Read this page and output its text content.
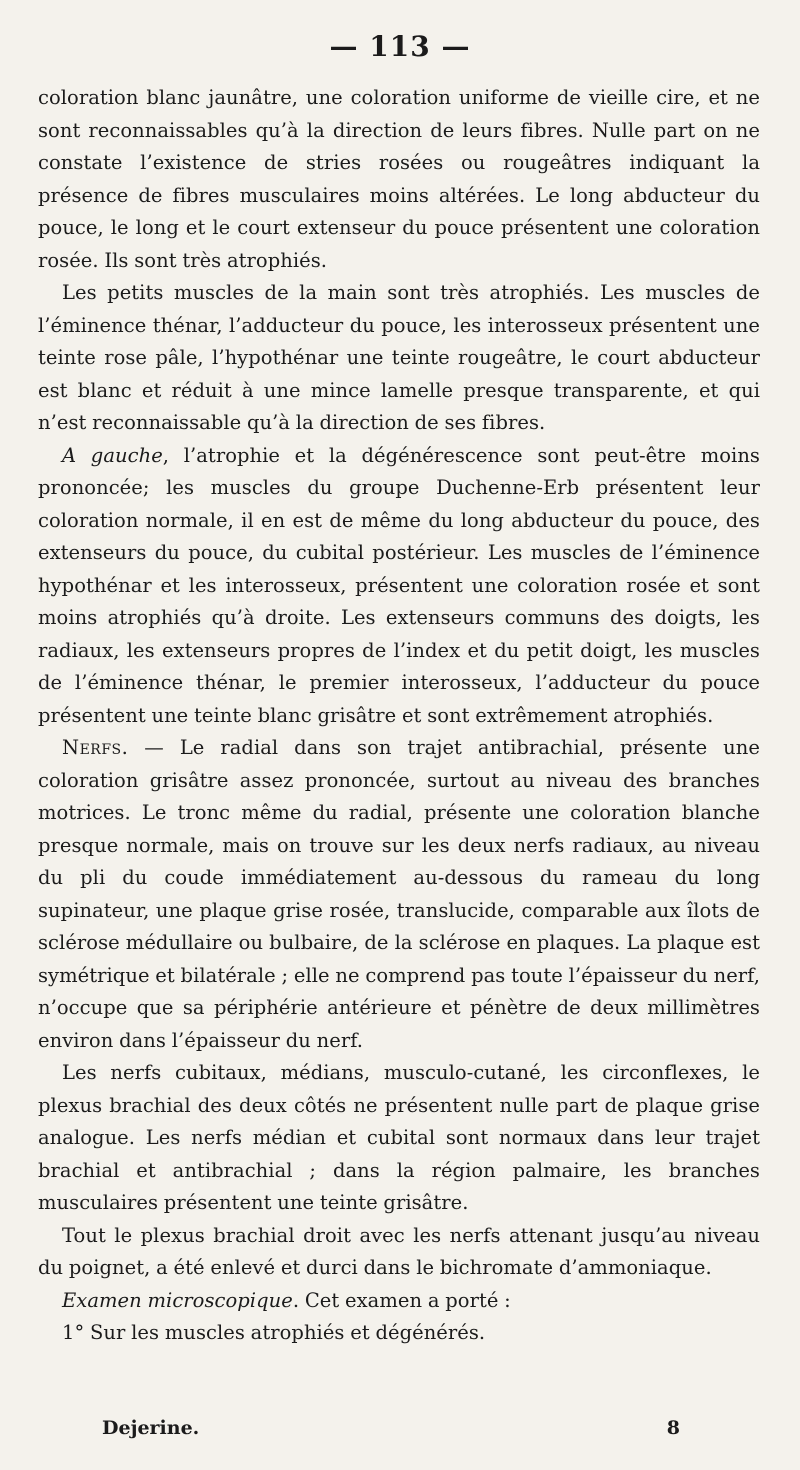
— 113 —

coloration blanc jaunâtre, une coloration uniforme de vieille cire, et ne sont reconnaissables qu’à la direction de leurs fibres. Nulle part on ne constate l’existence de stries rosées ou rougeâtres indiquant la présence de fibres musculaires moins altérées. Le long abducteur du pouce, le long et le court extenseur du pouce présentent une coloration rosée. Ils sont très atrophiés.

Les petits muscles de la main sont très atrophiés. Les muscles de l’éminence thénar, l’adducteur du pouce, les interosseux présentent une teinte rose pâle, l’hypothénar une teinte rougeâtre, le court abducteur est blanc et réduit à une mince lamelle presque transparente, et qui n’est reconnaissable qu’à la direction de ses fibres.

A gauche, l’atrophie et la dégénérescence sont peut-être moins prononcée; les muscles du groupe Duchenne-Erb présentent leur coloration normale, il en est de même du long abducteur du pouce, des extenseurs du pouce, du cubital postérieur. Les muscles de l’éminence hypothénar et les interosseux, présentent une coloration rosée et sont moins atrophiés qu’à droite. Les extenseurs communs des doigts, les radiaux, les extenseurs propres de l’index et du petit doigt, les muscles de l’éminence thénar, le premier interosseux, l’adducteur du pouce présentent une teinte blanc grisâtre et sont extrêmement atrophiés.

Nerfs. — Le radial dans son trajet antibrachial, présente une coloration grisâtre assez prononcée, surtout au niveau des branches motrices. Le tronc même du radial, présente une coloration blanche presque normale, mais on trouve sur les deux nerfs radiaux, au niveau du pli du coude immédiatement au-dessous du rameau du long supinateur, une plaque grise rosée, translucide, comparable aux îlots de sclérose médullaire ou bulbaire, de la sclérose en plaques. La plaque est symétrique et bilatérale ; elle ne comprend pas toute l’épaisseur du nerf, n’occupe que sa périphérie antérieure et pénètre de deux millimètres environ dans l’épaisseur du nerf.

Les nerfs cubitaux, médians, musculo-cutané, les circonflexes, le plexus brachial des deux côtés ne présentent nulle part de plaque grise analogue. Les nerfs médian et cubital sont normaux dans leur trajet brachial et antibrachial ; dans la région palmaire, les branches musculaires présentent une teinte grisâtre.

Tout le plexus brachial droit avec les nerfs attenant jusqu’au niveau du poignet, a été enlevé et durci dans le bichromate d’ammoniaque.

Examen microscopique. Cet examen a porté :

1° Sur les muscles atrophiés et dégénérés.

Dejerine.	8
